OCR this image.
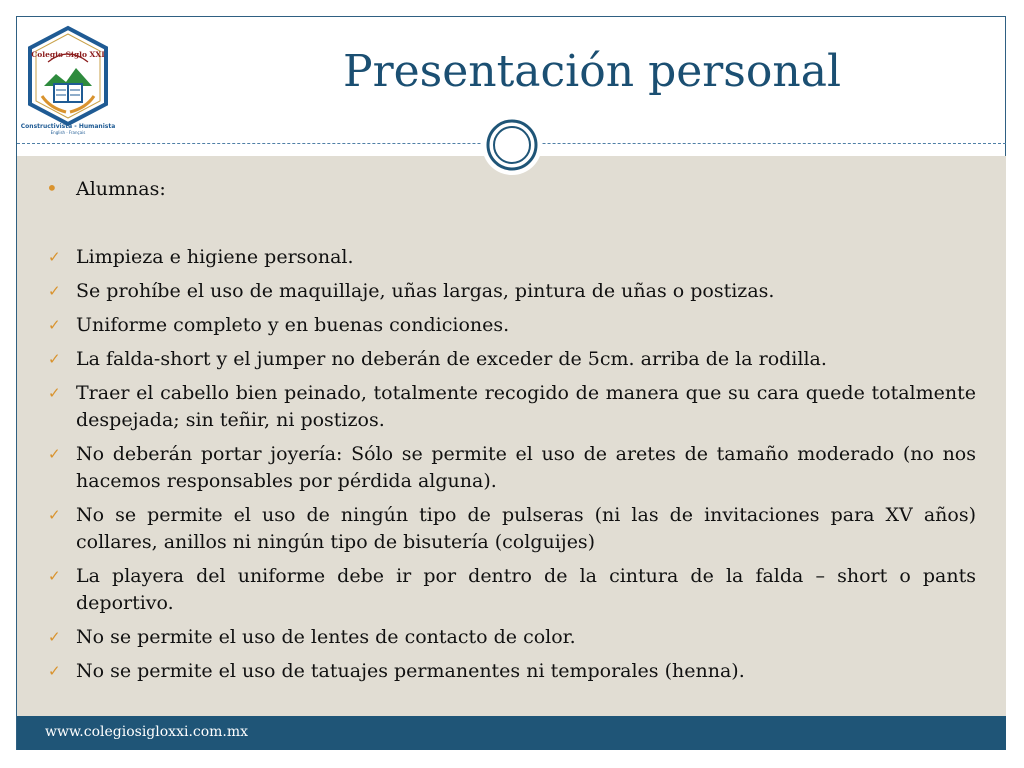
Colegio Siglo XXI
Constructivista - Humanista
English · Français
Presentación personal
• Alumnas:
✓ Limpieza e higiene personal.
✓ Se prohíbe el uso de maquillaje, uñas largas, pintura de uñas o postizas.
✓ Uniforme completo y en buenas condiciones.
✓ La falda-short y el jumper no deberán de exceder de 5cm. arriba de la rodilla.
✓ Traer el cabello bien peinado, totalmente recogido de manera que su cara quede totalmente despejada; sin teñir, ni postizos.
✓ No deberán portar joyería: Sólo se permite el uso de aretes de tamaño moderado (no nos hacemos responsables por pérdida alguna).
✓ No se permite el uso de ningún tipo de pulseras (ni las de invitaciones para XV años) collares, anillos ni ningún tipo de bisutería (colguijes)
✓ La playera del uniforme debe ir por dentro de la cintura de la falda – short o pants deportivo.
✓ No se permite el uso de lentes de contacto de color.
✓ No se permite el uso de tatuajes permanentes ni temporales (henna).
www.colegiosigloxxi.com.mx
